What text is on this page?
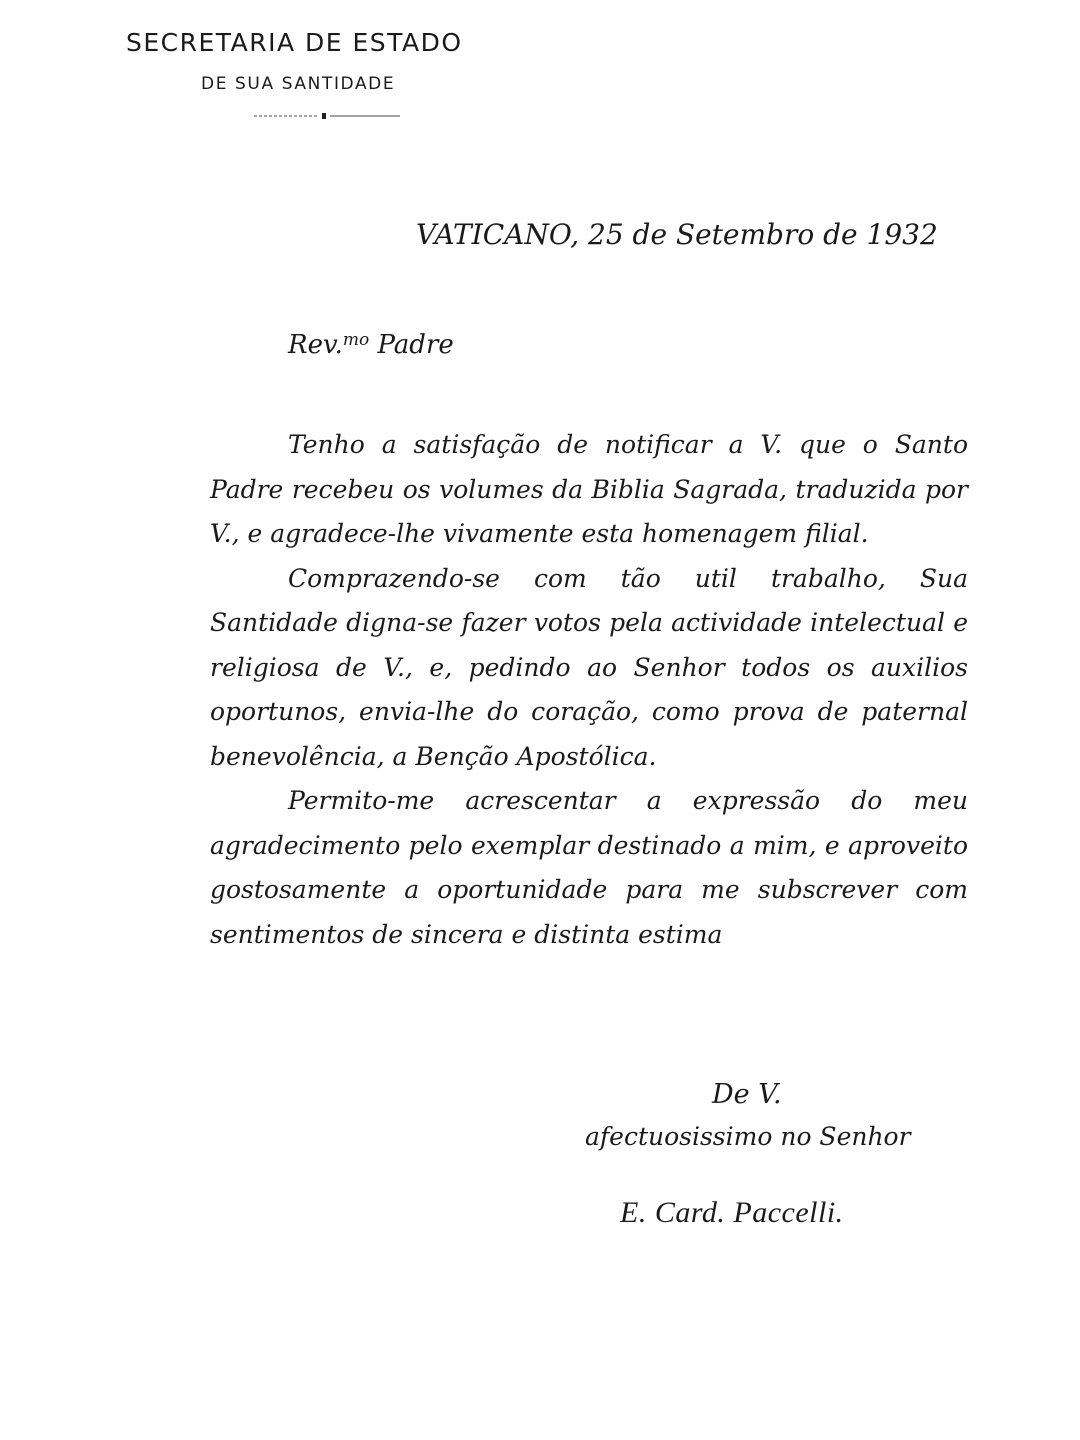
SECRETARIA DE ESTADO
DE SUA SANTIDADE
VATICANO, 25 de Setembro de 1932
Rev.$^{mo}$ Padre

Tenho a satisfação de notificar a V. que o Santo Padre recebeu os volumes da Biblia Sagrada, traduzida por V., e agradece-lhe vivamente esta homenagem filial.

Comprazendo-se com tão util trabalho, Sua Santidade digna-se fazer votos pela actividade intelectual e religiosa de V., e, pedindo ao Senhor todos os auxilios oportunos, envia-lhe do coração, como prova de paternal benevolência, a Benção Apostólica.

Permito-me acrescentar a expressão do meu agradecimento pelo exemplar destinado a mim, e aproveito gostosamente a oportunidade para me subscrever com sentimentos de sincera e distinta estima

De V.
afectuosissimo no Senhor
E. Card. Paccelli.
